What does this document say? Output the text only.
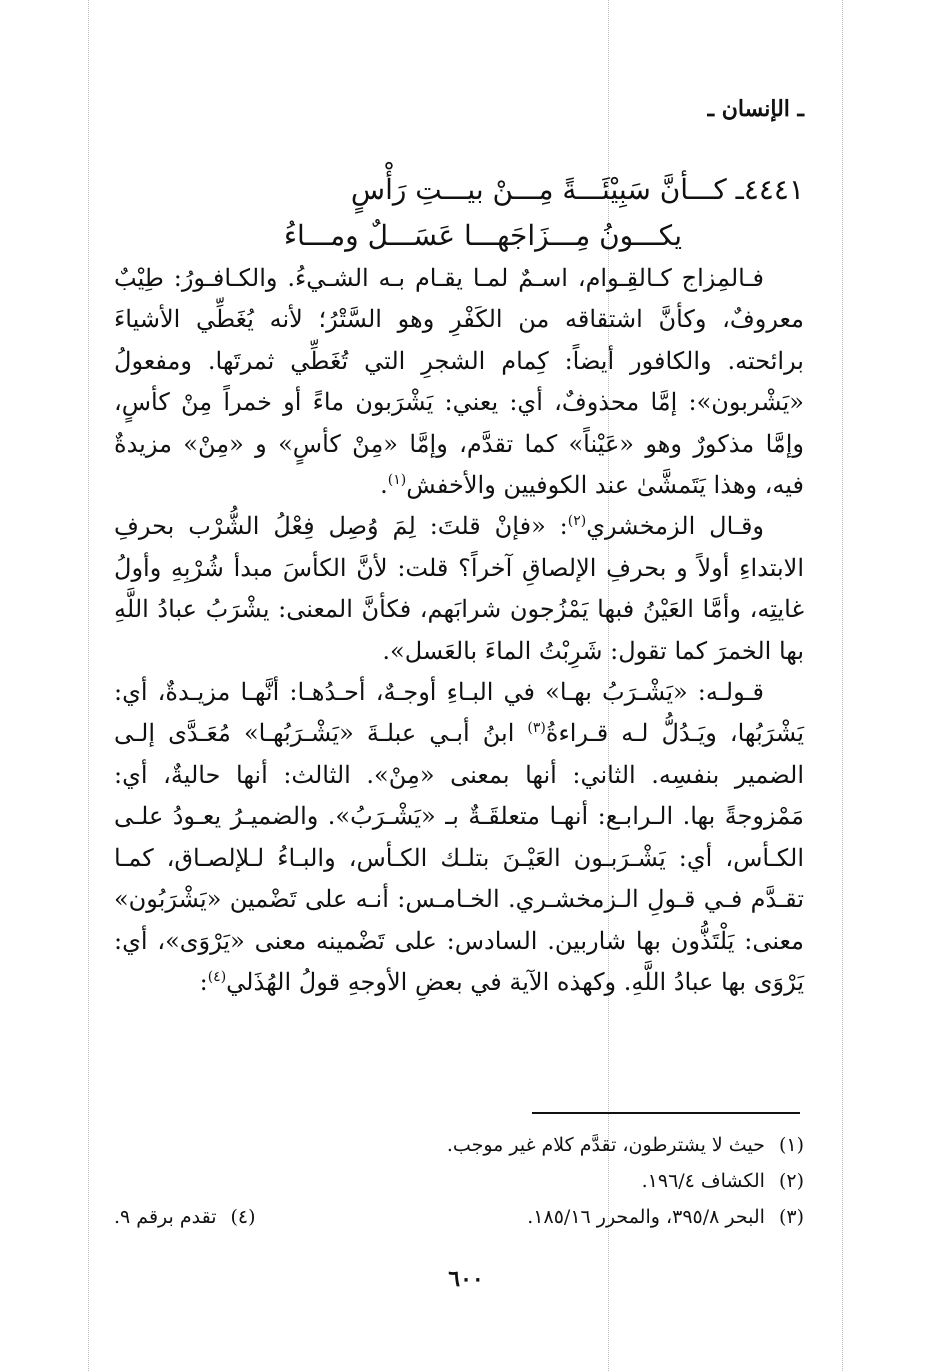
ـ الإنسان ـ
٤٤٤١ـ كـــأنَّ سَبِيْئَـــةً مِـــنْ بيـــتِ رَأْسٍ
يكـــونُ مِـــزَاجَهـــا عَسَـــلٌ ومـــاءُ

فـالمِزاج كـالقِـوام، اسـمٌ لمـا يقـام بـه الشـيءُ. والكـافـورُ: طِيْبٌ معروفٌ، وكأنَّ اشتقاقه من الكَفْرِ وهو السَّتْرُ؛ لأنه يُغَطِّي الأشياءَ برائحته. والكافور أيضاً: كِمام الشجرِ التي تُغَطِّي ثمرتَها. ومفعولُ «يَشْربون»: إمَّا محذوفٌ، أي: يعني: يَشْرَبون ماءً أو خمراً مِنْ كأسٍ، وإمَّا مذكورٌ وهو «عَيْناً» كما تقدَّم، وإمَّا «مِنْ كأسٍ» و «مِنْ» مزيدةٌ فيه، وهذا يَتَمشَّىٰ عند الكوفيين والأخفش$^{(١)}$.

وقـال الزمخشري$^{(٢)}$: «فإنْ قلتَ: لِمَ وُصِل فِعْلُ الشُّرْب بحرفِ الابتداءِ أولاً و بحرفِ الإلصاقِ آخراً؟ قلت: لأنَّ الكأسَ مبدأ شُرْبِهِ وأولُ غايتِه، وأمَّا العَيْنُ فبها يَمْزُجون شرابَهم، فكأنَّ المعنى: يشْرَبُ عبادُ اللَّهِ بها الخمرَ كما تقول: شَرِبْتُ الماءَ بالعَسل».

قـولـه: «يَشْـرَبُ بهـا» في البـاءِ أوجـهٌ، أحـدُهـا: أنَّهـا مزيـدةٌ، أي: يَشْرَبُها، ويَـدُلُّ لـه قـراءةُ$^{(٣)}$ ابنُ أبـي عبلـةَ «يَشْـرَبُهـا» مُعَـدَّى إلـى الضمير بنفسِه. الثاني: أنها بمعنى «مِنْ». الثالث: أنها حاليةٌ، أي: مَمْزوجةً بها. الـرابـع: أنهـا متعلقَـةٌ بـ «يَشْـرَبُ». والضميـرُ يعـودُ علـى الكـأس، أي: يَشْـرَبـون العَيْـنَ بتلـك الكـأس، والبـاءُ لـلإلصـاق، كمـا تقـدَّم فـي قـولِ الـزمخشـري. الخـامـس: أنـه على تَضْمين «يَشْرَبُون» معنى: يَلْتَذُّون بها شاربين. السادس: على تَضْمينه معنى «يَرْوَى»، أي: يَرْوَى بها عبادُ اللَّهِ. وكهذه الآية في بعضِ الأوجهِ قولُ الهُذَلي$^{(٤)}$:

(١)حيث لا يشترطون، تقدَّم كلام غير موجب.
(٢)الكشاف ١٩٦/٤.
(٣)البحر ٣٩٥/٨، والمحرر ١٨٥/١٦.
(٤)تقدم برقم ٩.
٦٠٠
